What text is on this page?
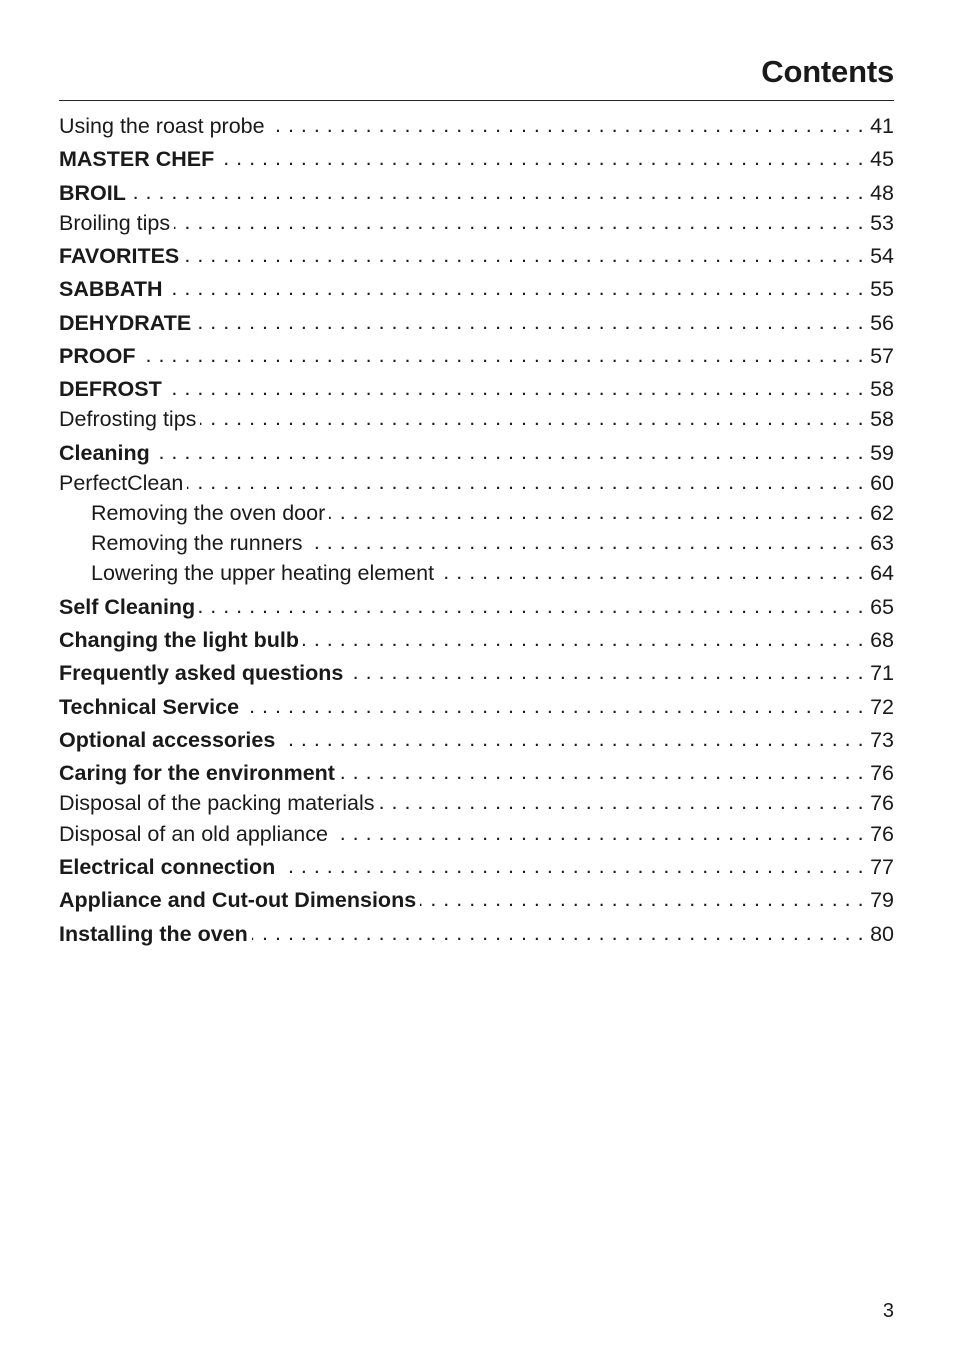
Contents
Using the roast probe . . .	41
MASTER CHEF . . .	45
BROIL . . .	48
Broiling tips . . .	53
FAVORITES . . .	54
SABBATH . . .	55
DEHYDRATE . . .	56
PROOF . . .	57
DEFROST . . .	58
Defrosting tips . . .	58
Cleaning . . .	59
PerfectClean . . .	60
Removing the oven door . . .	62
Removing the runners . . .	63
Lowering the upper heating element . . .	64
Self Cleaning . . .	65
Changing the light bulb . . .	68
Frequently asked questions . . .	71
Technical Service . . .	72
Optional accessories . . .	73
Caring for the environment . . .	76
Disposal of the packing materials . . .	76
Disposal of an old appliance . . .	76
Electrical connection . . .	77
Appliance and Cut-out Dimensions . . .	79
Installing the oven . . .	80
3
